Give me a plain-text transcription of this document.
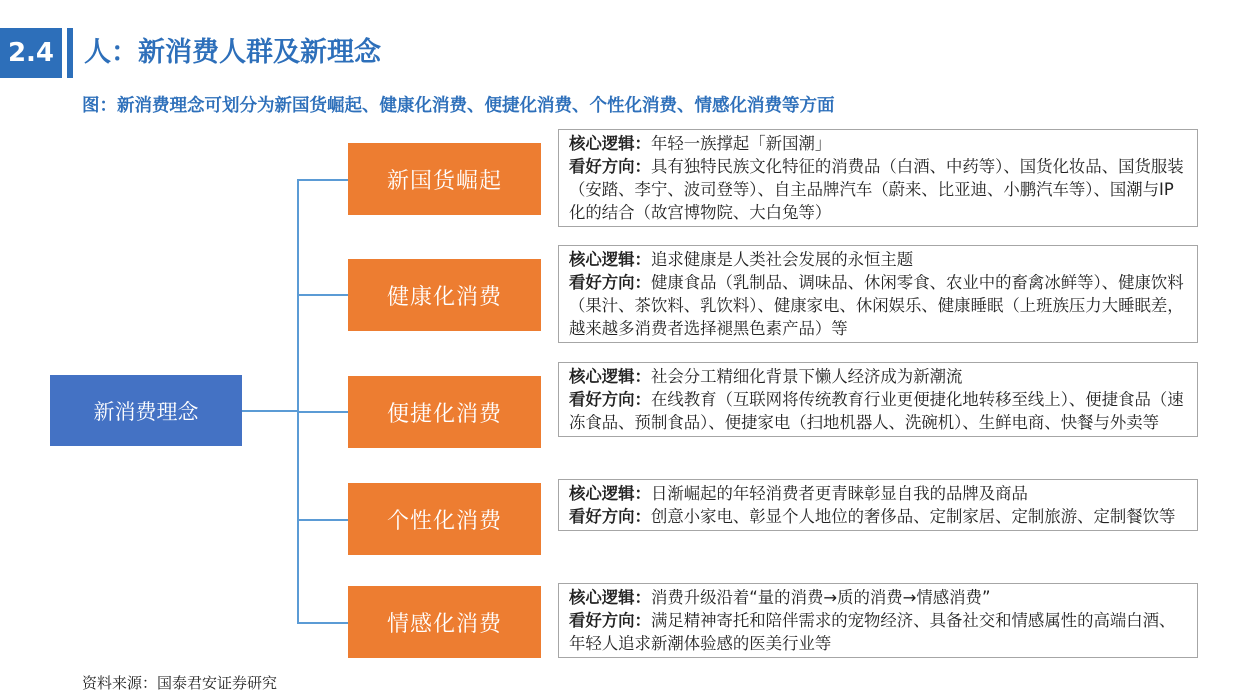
2.4 人：新消费人群及新理念
图：新消费理念可划分为新国货崛起、健康化消费、便捷化消费、个性化消费、情感化消费等方面
新消费理念
新国货崛起
健康化消费
便捷化消费
个性化消费
情感化消费
核心逻辑：年轻一族撑起「新国潮」
看好方向：具有独特民族文化特征的消费品（白酒、中药等）、国货化妆品、国货服装（安踏、李宁、波司登等）、自主品牌汽车（蔚来、比亚迪、小鹏汽车等）、国潮与IP化的结合（故宫博物院、大白兔等）
核心逻辑：追求健康是人类社会发展的永恒主题
看好方向：健康食品（乳制品、调味品、休闲零食、农业中的畜禽冰鲜等）、健康饮料（果汁、茶饮料、乳饮料）、健康家电、休闲娱乐、健康睡眠（上班族压力大睡眠差，越来越多消费者选择褪黑色素产品）等
核心逻辑：社会分工精细化背景下懒人经济成为新潮流
看好方向：在线教育（互联网将传统教育行业更便捷化地转移至线上）、便捷食品（速冻食品、预制食品）、便捷家电（扫地机器人、洗碗机）、生鲜电商、快餐与外卖等
核心逻辑：日渐崛起的年轻消费者更青睐彰显自我的品牌及商品
看好方向：创意小家电、彰显个人地位的奢侈品、定制家居、定制旅游、定制餐饮等
核心逻辑：消费升级沿着“量的消费→质的消费→情感消费”
看好方向：满足精神寄托和陪伴需求的宠物经济、具备社交和情感属性的高端白酒、年轻人追求新潮体验感的医美行业等
资料来源：国泰君安证券研究
